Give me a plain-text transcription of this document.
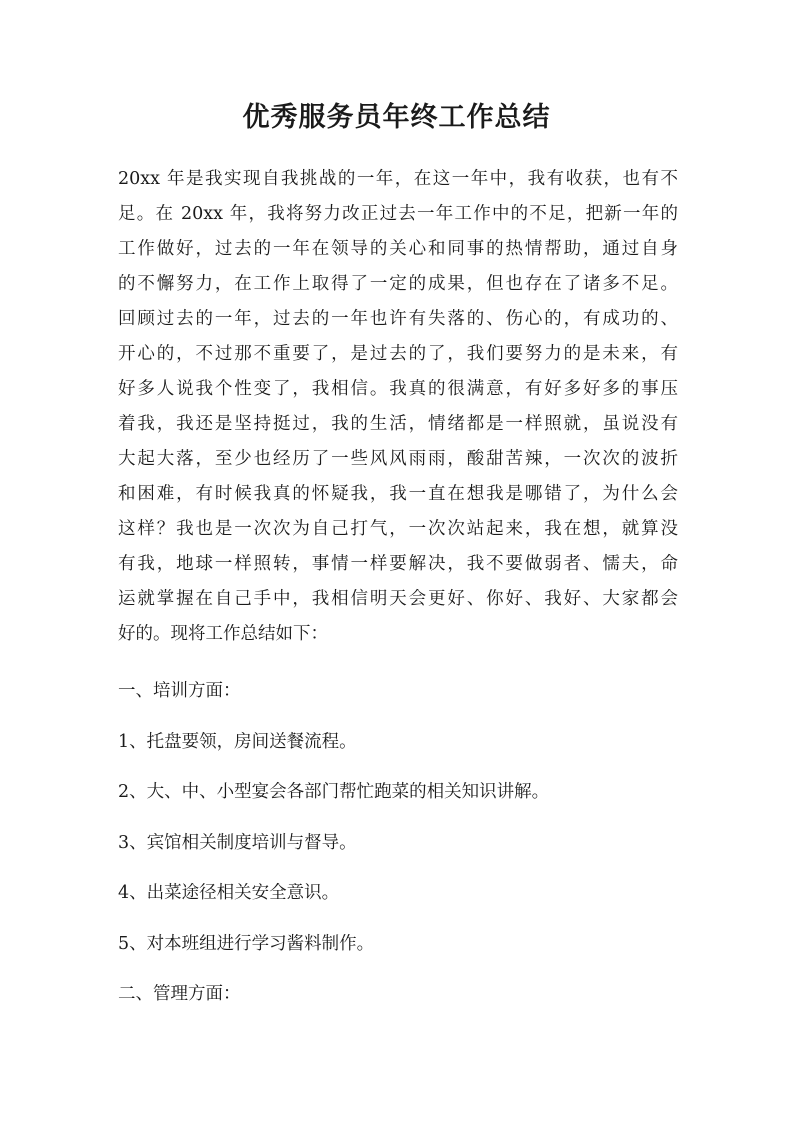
优秀服务员年终工作总结
20xx 年是我实现自我挑战的一年，在这一年中，我有收获，也有不
足。在 20xx 年，我将努力改正过去一年工作中的不足，把新一年的
工作做好，过去的一年在领导的关心和同事的热情帮助，通过自身
的不懈努力，在工作上取得了一定的成果，但也存在了诸多不足。
回顾过去的一年，过去的一年也许有失落的、伤心的，有成功的、
开心的，不过那不重要了，是过去的了，我们要努力的是未来，有
好多人说我个性变了，我相信。我真的很满意，有好多好多的事压
着我，我还是坚持挺过，我的生活，情绪都是一样照就，虽说没有
大起大落，至少也经历了一些风风雨雨，酸甜苦辣，一次次的波折
和困难，有时候我真的怀疑我，我一直在想我是哪错了，为什么会
这样？我也是一次次为自己打气，一次次站起来，我在想，就算没
有我，地球一样照转，事情一样要解决，我不要做弱者、懦夫，命
运就掌握在自己手中，我相信明天会更好、你好、我好、大家都会
好的。现将工作总结如下：
一、培训方面：
1、托盘要领，房间送餐流程。
2、大、中、小型宴会各部门帮忙跑菜的相关知识讲解。
3、宾馆相关制度培训与督导。
4、出菜途径相关安全意识。
5、对本班组进行学习酱料制作。
二、管理方面：
